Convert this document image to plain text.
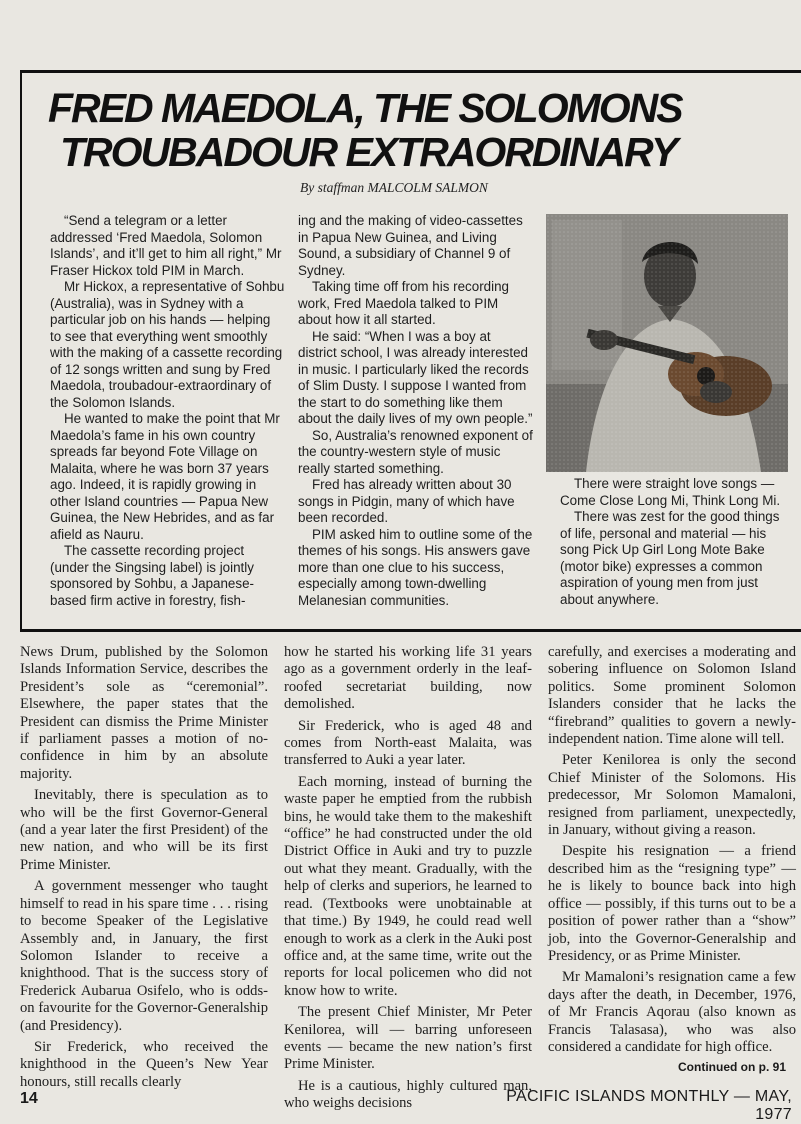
FRED MAEDOLA, THE SOLOMONS
TROUBADOUR EXTRAORDINARY
By staffman MALCOLM SALMON

“Send a telegram or a letter addressed ‘Fred Maedola, Solomon Islands’, and it’ll get to him all right,” Mr Fraser Hickox told PIM in March.

Mr Hickox, a representative of Sohbu (Australia), was in Sydney with a particular job on his hands — helping to see that everything went smoothly with the making of a cassette recording of 12 songs written and sung by Fred Maedola, troubadour-extraordinary of the Solomon Islands.

He wanted to make the point that Mr Maedola’s fame in his own country spreads far beyond Fote Village on Malaita, where he was born 37 years ago. Indeed, it is rapidly growing in other Island countries — Papua New Guinea, the New Hebrides, and as far afield as Nauru.

The cassette recording project (under the Singsing label) is jointly sponsored by Sohbu, a Japanese-based firm active in forestry, fish-

ing and the making of video-cassettes in Papua New Guinea, and Living Sound, a subsidiary of Channel 9 of Sydney.

Taking time off from his recording work, Fred Maedola talked to PIM about how it all started.

He said: “When I was a boy at district school, I was already interested in music. I particularly liked the records of Slim Dusty. I suppose I wanted from the start to do something like them about the daily lives of my own people.”

So, Australia’s renowned exponent of the country-western style of music really started something.

Fred has already written about 30 songs in Pidgin, many of which have been recorded.

PIM asked him to outline some of the themes of his songs. His answers gave more than one clue to his success, especially among town-dwelling Melanesian communities.

There were straight love songs — Come Close Long Mi, Think Long Mi.

There was zest for the good things of life, personal and material — his song Pick Up Girl Long Mote Bake (motor bike) expresses a common aspiration of young men from just about anywhere.

News Drum, published by the Solomon Islands Information Service, describes the President’s sole as “ceremonial”. Elsewhere, the paper states that the President can dismiss the Prime Minister if parliament passes a motion of no-confidence in him by an absolute majority.

Inevitably, there is speculation as to who will be the first Governor-General (and a year later the first President) of the new nation, and who will be its first Prime Minister.

A government messenger who taught himself to read in his spare time . . . rising to become Speaker of the Legislative Assembly and, in January, the first Solomon Islander to receive a knighthood. That is the success story of Frederick Aubarua Osifelo, who is odds-on favourite for the Governor-Generalship (and Presidency).

Sir Frederick, who received the knighthood in the Queen’s New Year honours, still recalls clearly

how he started his working life 31 years ago as a government orderly in the leaf-roofed secretariat building, now demolished.

Sir Frederick, who is aged 48 and comes from North-east Malaita, was transferred to Auki a year later.

Each morning, instead of burning the waste paper he emptied from the rubbish bins, he would take them to the makeshift “office” he had constructed under the old District Office in Auki and try to puzzle out what they meant. Gradually, with the help of clerks and superiors, he learned to read. (Textbooks were unobtainable at that time.) By 1949, he could read well enough to work as a clerk in the Auki post office and, at the same time, write out the reports for local policemen who did not know how to write.

The present Chief Minister, Mr Peter Kenilorea, will — barring unforeseen events — became the new nation’s first Prime Minister.

He is a cautious, highly cultured man, who weighs decisions

carefully, and exercises a moderating and sobering influence on Solomon Island politics. Some prominent Solomon Islanders consider that he lacks the “firebrand” qualities to govern a newly-independent nation. Time alone will tell.

Peter Kenilorea is only the second Chief Minister of the Solomons. His predecessor, Mr Solomon Mamaloni, resigned from parliament, unexpectedly, in January, without giving a reason.

Despite his resignation — a friend described him as the “resigning type” — he is likely to bounce back into high office — possibly, if this turns out to be a position of power rather than a “show” job, into the Governor-Generalship and Presidency, or as Prime Minister.

Mr Mamaloni’s resignation came a few days after the death, in December, 1976, of Mr Francis Aqorau (also known as Francis Talasasa), who was also considered a candidate for high office.

Continued on p. 91
14	PACIFIC ISLANDS MONTHLY — MAY, 1977
